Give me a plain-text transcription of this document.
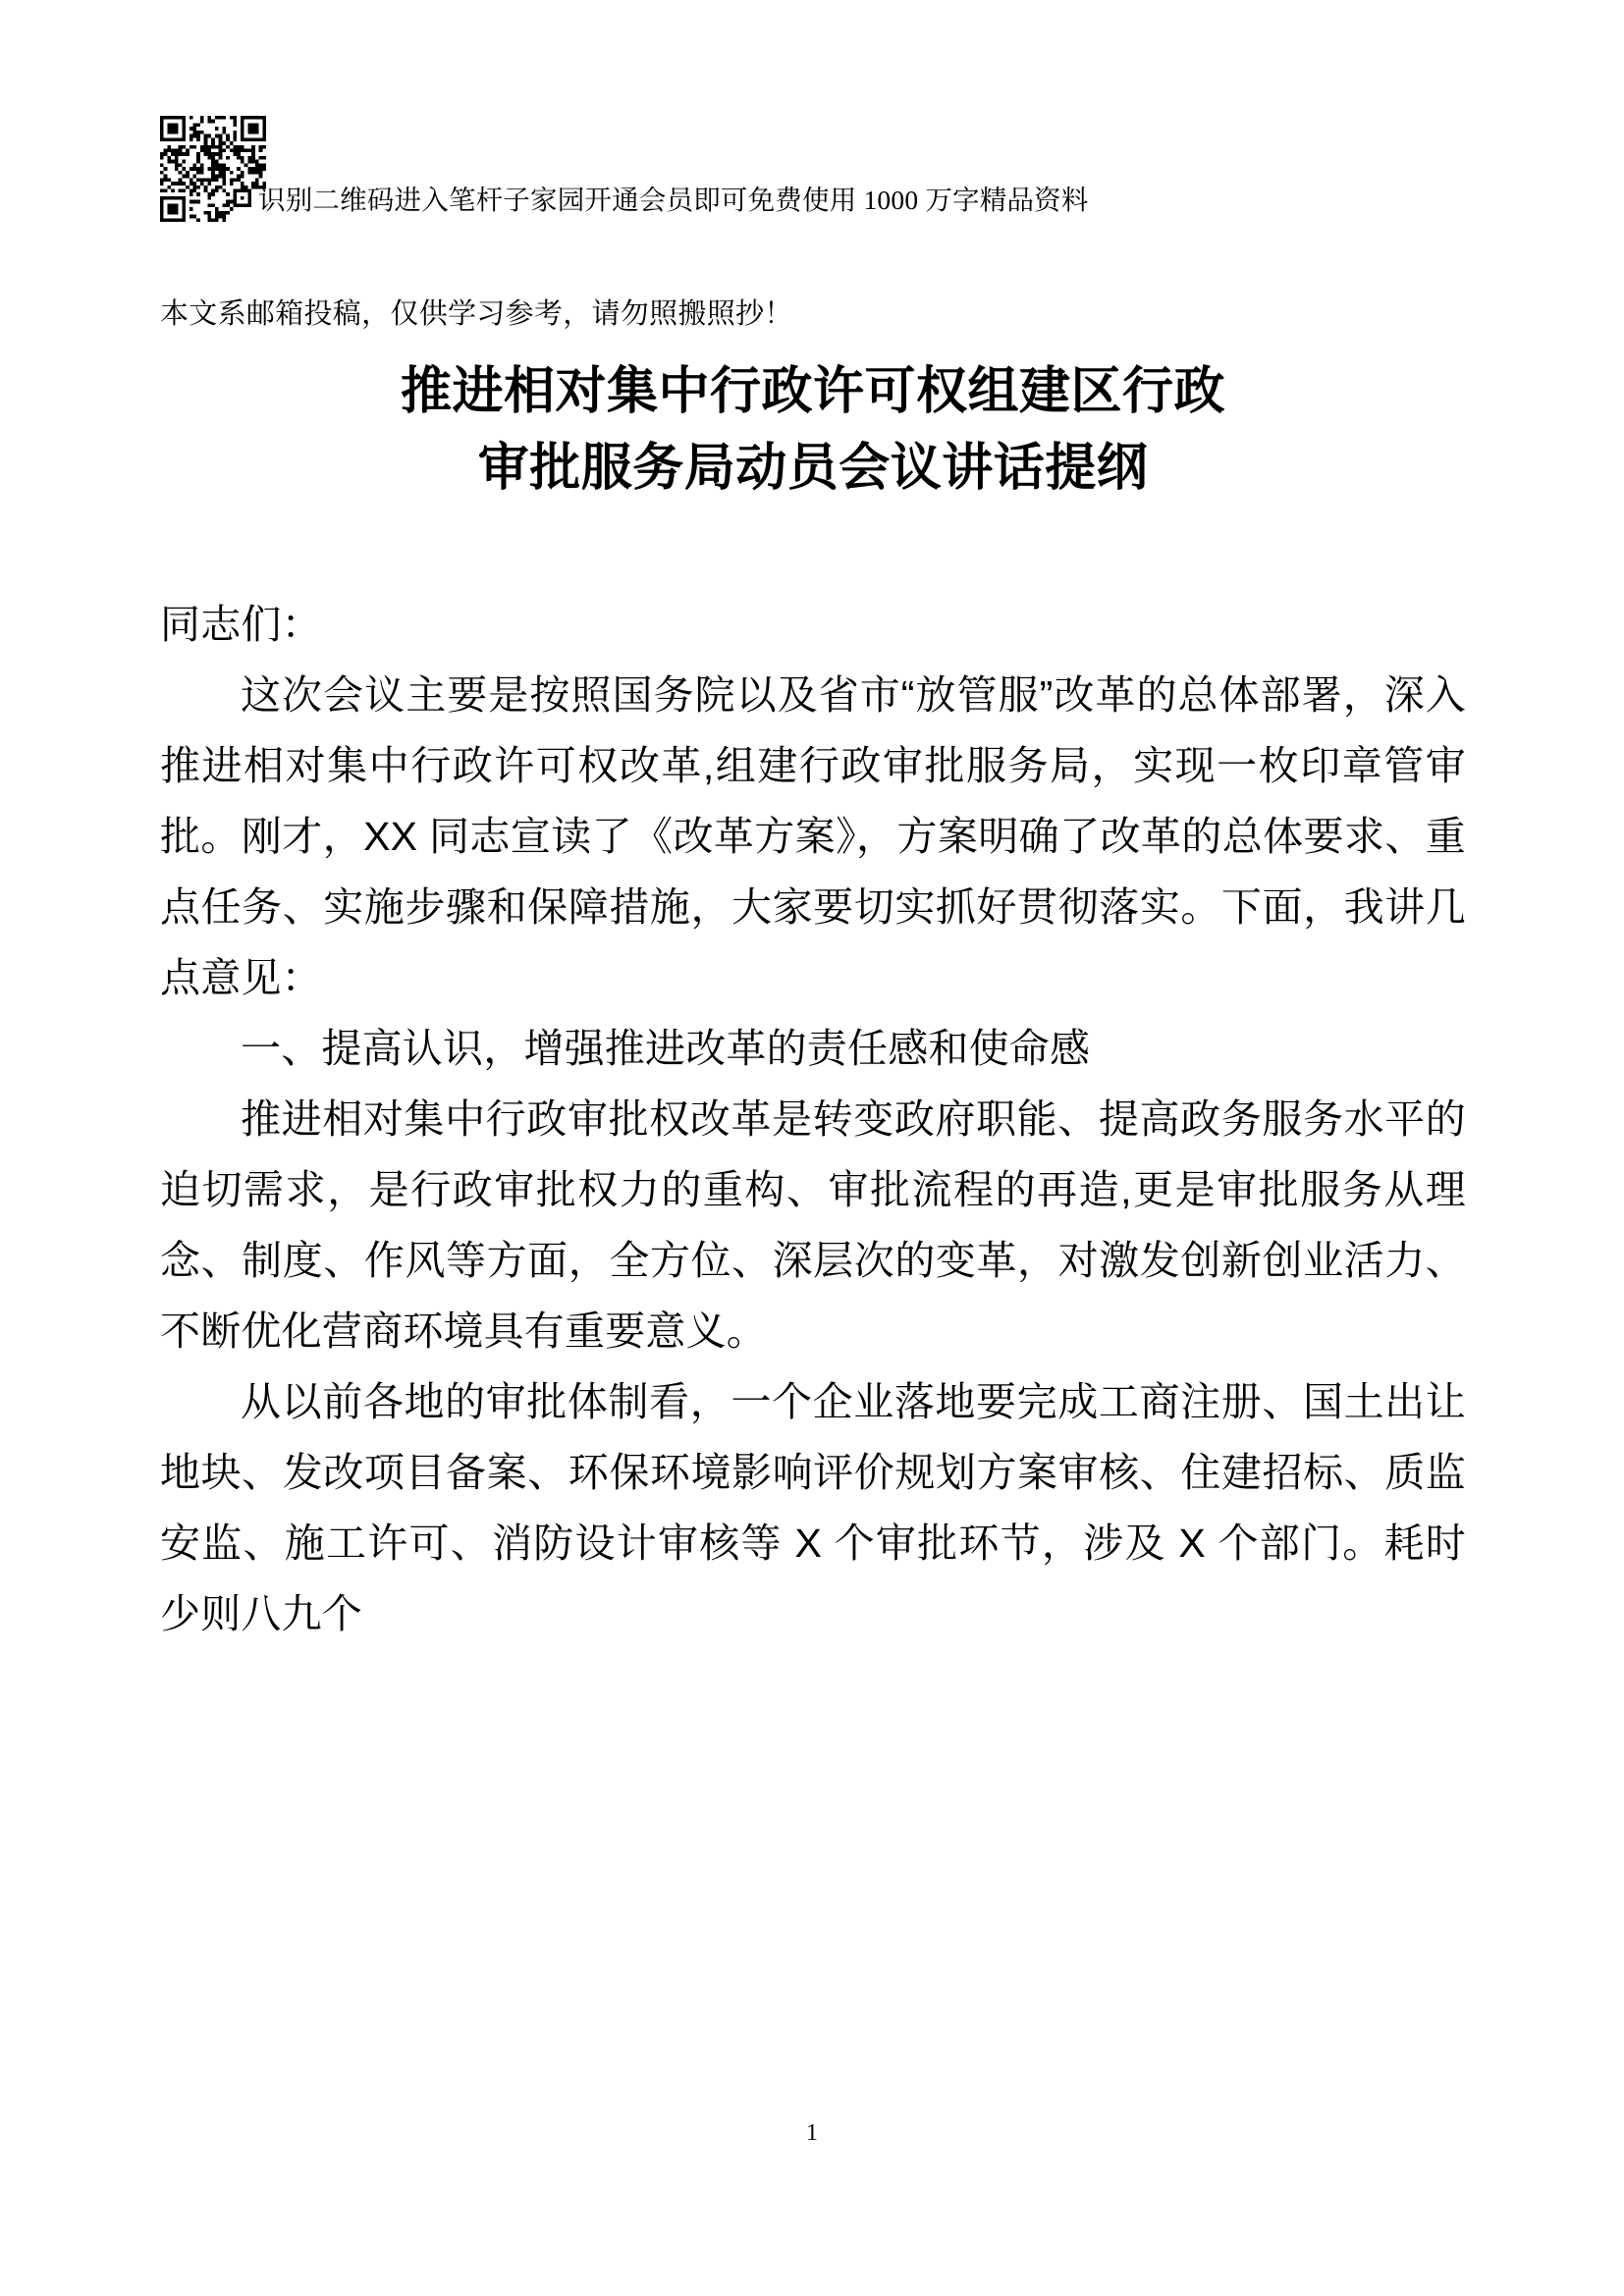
识别二维码进入笔杆子家园开通会员即可免费使用 1000 万字精品资料
本文系邮箱投稿，仅供学习参考，请勿照搬照抄！
推进相对集中行政许可权组建区行政
审批服务局动员会议讲话提纲

同志们：

这次会议主要是按照国务院以及省市“放管服”改革的总体部署，深入推进相对集中行政许可权改革,组建行政审批服务局，实现一枚印章管审批。刚才，XX 同志宣读了《改革方案》，方案明确了改革的总体要求、重点任务、实施步骤和保障措施，大家要切实抓好贯彻落实。下面，我讲几点意见：

一、提高认识，增强推进改革的责任感和使命感

推进相对集中行政审批权改革是转变政府职能、提高政务服务水平的迫切需求，是行政审批权力的重构、审批流程的再造,更是审批服务从理念、制度、作风等方面，全方位、深层次的变革，对激发创新创业活力、不断优化营商环境具有重要意义。

从以前各地的审批体制看，一个企业落地要完成工商注册、国土出让地块、发改项目备案、环保环境影响评价规划方案审核、住建招标、质监安监、施工许可、消防设计审核等 X 个审批环节，涉及 X 个部门。耗时少则八九个

1
